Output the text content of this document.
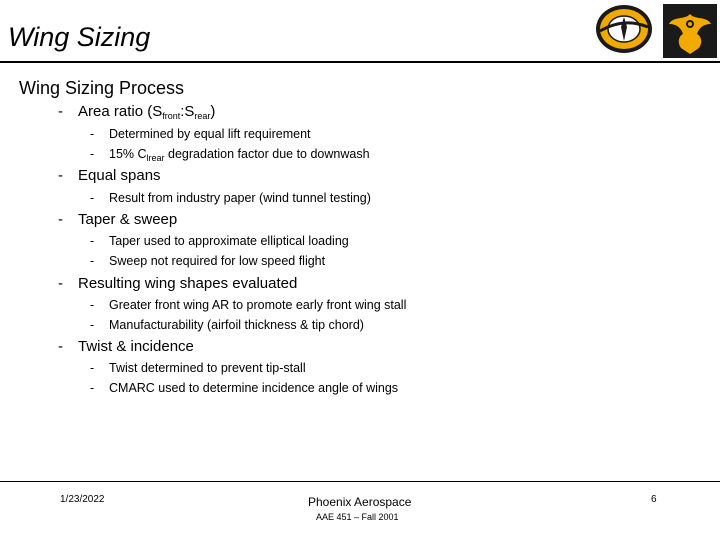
Wing Sizing
Wing Sizing Process
- Area ratio $(S_{front}:S_{rear})$
- Determined by equal lift requirement
- 15% $C_{lrear}$ degradation factor due to downwash
- Equal spans
- Result from industry paper (wind tunnel testing)
- Taper & sweep
- Taper used to approximate elliptical loading
- Sweep not required for low speed flight
- Resulting wing shapes evaluated
- Greater front wing AR to promote early front wing stall
- Manufacturability (airfoil thickness & tip chord)
- Twist & incidence
- Twist determined to prevent tip-stall
- CMARC used to determine incidence angle of wings
1/23/2022	Phoenix Aerospace
AAE 451 – Fall 2001
6
